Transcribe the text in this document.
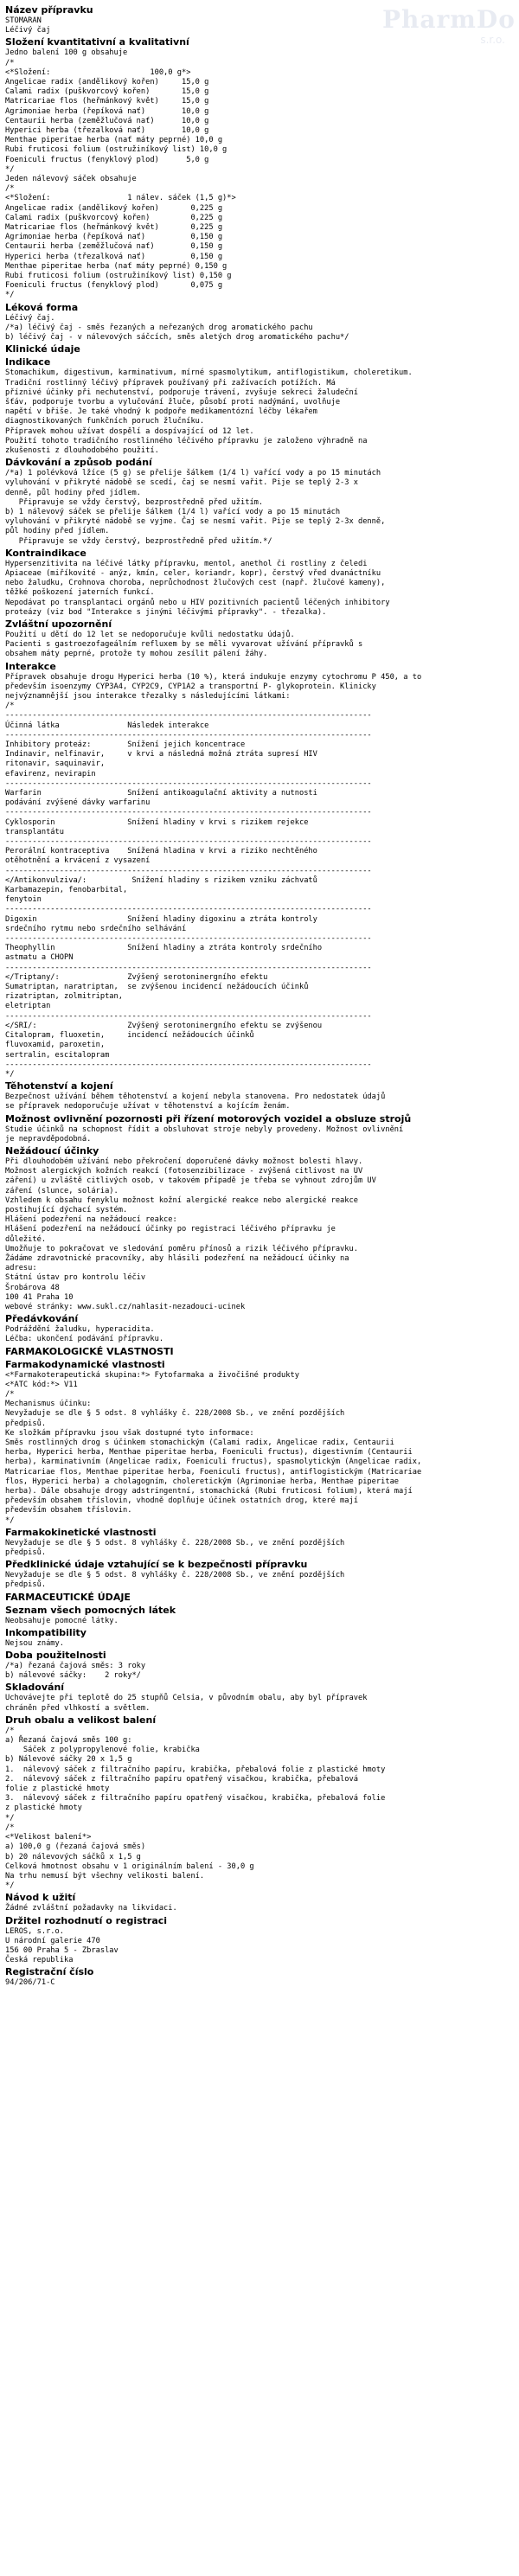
PharmDo
s.r.o.
Název přípravku
STOMARAN
Léčivý čaj
Složení kvantitativní a kvalitativní
Jedno balení 100 g obsahuje
/*
<*Složení:                      100,0 g*>
Angelicae radix (andělikový kořen)     15,0 g
Calami radix (puškvorcový kořen)       15,0 g
Matricariae flos (heřmánkový květ)     15,0 g
Agrimoniae herba (řepíková nať)        10,0 g
Centaurii herba (zeměžlučová nať)      10,0 g
Hyperici herba (třezalková nať)        10,0 g
Menthae piperitae herba (nať máty peprné) 10,0 g
Rubi fruticosi folium (ostružiníkový list) 10,0 g
Foeniculi fructus (fenyklový plod)      5,0 g
*/
Jeden nálevový sáček obsahuje
/*
<*Složení:                 1 nálev. sáček (1,5 g)*>
Angelicae radix (andělikový kořen)       0,225 g
Calami radix (puškvorcový kořen)         0,225 g
Matricariae flos (heřmánkový květ)       0,225 g
Agrimoniae herba (řepíková nať)          0,150 g
Centaurii herba (zeměžlučová nať)        0,150 g
Hyperici herba (třezalková nať)          0,150 g
Menthae piperitae herba (nať máty peprné) 0,150 g
Rubi fruticosi folium (ostružiníkový list) 0,150 g
Foeniculi fructus (fenyklový plod)       0,075 g
*/
Léková forma
Léčivý čaj.
/*a) léčivý čaj - směs řezaných a neřezaných drog aromatického pachu
b) léčivý čaj - v nálevových sáčcích, směs aletých drog aromatického pachu*/
Klinické údaje
Indikace
Stomachikum, digestivum, karminativum, mírné spasmolytikum, antiflogistikum, choleretikum.
Tradiční rostlinný léčivý přípravek používaný při zažívacích potížích. Má
příznivé účinky při nechutenství, podporuje trávení, zvyšuje sekreci žaludeční
šťáv, podporuje tvorbu a vylučování žluče, působí proti nadýmání, uvolňuje
napětí v břiše. Je také vhodný k podpoře medikamentózní léčby lékařem
diagnostikovaných funkčních poruch žlučníku.
Přípravek mohou užívat dospělí a dospívající od 12 let.
Použití tohoto tradičního rostlinného léčivého přípravku je založeno výhradně na
zkušenosti z dlouhodobého použití.
Dávkování a způsob podání
/*a) 1 polévková lžíce (5 g) se přelije šálkem (1/4 l) vařící vody a po 15 minutách
vyluhování v přikryté nádobě se scedí, čaj se nesmí vařit. Pije se teplý 2-3 x
denně, půl hodiny před jídlem.
Připravuje se vždy čerstvý, bezprostředně před užitím.
b) 1 nálevový sáček se přelije šálkem (1/4 l) vařící vody a po 15 minutách
vyluhování v přikryté nádobě se vyjme. Čaj se nesmí vařit. Pije se teplý 2-3x denně,
půl hodiny před jídlem.
Připravuje se vždy čerstvý, bezprostředně před užitím.*/
Kontraindikace
Hypersenzitivita na léčivé látky přípravku, mentol, anethol či rostliny z čeledi
Apiaceae (miříkovité - anýz, kmín, celer, koriandr, kopr), čerstvý vřed dvanáctníku
nebo žaludku, Crohnova choroba, neprůchodnost žlučových cest (např. žlučové kameny),
těžké poškození jaterních funkcí.
Nepodávat po transplantaci orgánů nebo u HIV pozitivních pacientů léčených inhibitory
proteázy (viz bod "Interakce s jinými léčivými přípravky". - třezalka).
Zvláštní upozornění
Použití u dětí do 12 let se nedoporučuje kvůli nedostatku údajů.
Pacienti s gastroezofageálním refluxem by se měli vyvarovat užívání přípravků s
obsahem máty peprné, protože ty mohou zesílit pálení žáhy.
Interakce
Přípravek obsahuje drogu Hyperici herba (10 %), která indukuje enzymy cytochromu P 450, a to
především isoenzymy CYP3A4, CYP2C9, CYP1A2 a transportní P- glykoprotein. Klinicky
nejvýznamnější jsou interakce třezalky s následujícími látkami:
/*
---------------------------------------------------------------------------------
Účinná látka               Následek interakce
---------------------------------------------------------------------------------
Inhibitory proteáz:        Snížení jejich koncentrace
Indinavir, nelfinavir,     v krvi a následná možná ztráta supresí HIV
ritonavir, saquinavir,
efavirenz, nevirapin
---------------------------------------------------------------------------------
Warfarin                   Snížení antikoagulační aktivity a nutnosti
podávání zvýšené dávky warfarinu
---------------------------------------------------------------------------------
Cyklosporin                Snížení hladiny v krvi s rizikem rejekce
transplantátu
---------------------------------------------------------------------------------
Perorální kontraceptiva    Snížená hladina v krvi a riziko nechtěného
otěhotnění a krvácení z vysazení
---------------------------------------------------------------------------------
</Antikonvulziva/:          Snížení hladiny s rizikem vzniku záchvatů
Karbamazepin, fenobarbital,
fenytoin
---------------------------------------------------------------------------------
Digoxin                    Snížení hladiny digoxinu a ztráta kontroly
srdečního rytmu nebo srdečního selhávání
---------------------------------------------------------------------------------
Theophyllin                Snížení hladiny a ztráta kontroly srdečního
astmatu a CHOPN
---------------------------------------------------------------------------------
</Triptany/:               Zvýšený serotoninergního efektu
Sumatriptan, naratriptan,  se zvýšenou incidencí nežádoucích účinků
rizatriptan, zolmitriptan,
eletriptan
---------------------------------------------------------------------------------
</SRI/:                    Zvýšený serotoninergního efektu se zvýšenou
Citalopram, fluoxetin,     incidencí nežádoucích účinků
fluvoxamid, paroxetin,
sertralin, escitalopram
---------------------------------------------------------------------------------
*/
Těhotenství a kojení
Bezpečnost užívání během těhotenství a kojení nebyla stanovena. Pro nedostatek údajů
se přípravek nedoporučuje užívat v těhotenství a kojícím ženám.
Možnost ovlivnění pozornosti při řízení motorových vozidel a obsluze strojů
Studie účinků na schopnost řídit a obsluhovat stroje nebyly provedeny. Možnost ovlivnění
je nepravděpodobná.
Nežádoucí účinky
Při dlouhodobém užívání nebo překročení doporučené dávky možnost bolesti hlavy.
Možnost alergických kožních reakcí (fotosenzibilizace - zvýšená citlivost na UV
záření) u zvláště citlivých osob, v takovém případě je třeba se vyhnout zdrojům UV
záření (slunce, solária).
Vzhledem k obsahu fenyklu možnost kožní alergické reakce nebo alergické reakce
postihující dýchací systém.
Hlášení podezření na nežádoucí reakce:
Hlášení podezření na nežádoucí účinky po registraci léčivého přípravku je
důležité.
Umožňuje to pokračovat ve sledování poměru přínosů a rizik léčivého přípravku.
Žádáme zdravotnické pracovníky, aby hlásili podezření na nežádoucí účinky na
adresu:
Státní ústav pro kontrolu léčiv
Šrobárova 48
100 41 Praha 10
webové stránky: www.sukl.cz/nahlasit-nezadouci-ucinek
Předávkování
Podráždění žaludku, hyperacidita.
Léčba: ukončení podávání přípravku.
FARMAKOLOGICKÉ VLASTNOSTI
Farmakodynamické vlastnosti
<*Farmakoterapeutická skupina:*> Fytofarmaka a živočišné produkty
<*ATC kód:*> V11
/*
Mechanismus účinku:
Nevyžaduje se dle § 5 odst. 8 vyhlášky č. 228/2008 Sb., ve znění pozdějších
předpisů.
Ke složkám přípravku jsou však dostupné tyto informace:
Směs rostlinných drog s účinkem stomachickým (Calami radix, Angelicae radix, Centaurii
herba, Hyperici herba, Menthae piperitae herba, Foeniculi fructus), digestivním (Centaurii
herba), karminativním (Angelicae radix, Foeniculi fructus), spasmolytickým (Angelicae radix,
Matricariae flos, Menthae piperitae herba, Foeniculi fructus), antiflogistickým (Matricariae
flos, Hyperici herba) a cholagogním, choleretickým (Agrimoniae herba, Menthae piperitae
herba). Dále obsahuje drogy adstringentní, stomachická (Rubi fruticosi folium), která mají
především obsahem tříslovin, vhodně doplňuje účinek ostatních drog, které mají
především obsahem tříslovin.
*/
Farmakokinetické vlastnosti
Nevyžaduje se dle § 5 odst. 8 vyhlášky č. 228/2008 Sb., ve znění pozdějších
předpisů.
Předklinické údaje vztahující se k bezpečnosti přípravku
Nevyžaduje se dle § 5 odst. 8 vyhlášky č. 228/2008 Sb., ve znění pozdějších
předpisů.
FARMACEUTICKÉ ÚDAJE
Seznam všech pomocných látek
Neobsahuje pomocné látky.
Inkompatibility
Nejsou známy.
Doba použitelnosti
/*a) řezaná čajová směs: 3 roky
b) nálevové sáčky:    2 roky*/
Skladování
Uchovávejte při teplotě do 25 stupňů Celsia, v původním obalu, aby byl přípravek
chráněn před vlhkostí a světlem.
Druh obalu a velikost balení
/*
a) Řezaná čajová směs 100 g:
Sáček z polypropylenové folie, krabička
b) Nálevové sáčky 20 x 1,5 g
1.  nálevový sáček z filtračního papíru, krabička, přebalová folie z plastické hmoty
2.  nálevový sáček z filtračního papíru opatřený visačkou, krabička, přebalová
folie z plastické hmoty
3.  nálevový sáček z filtračního papíru opatřený visačkou, krabička, přebalová folie
z plastické hmoty
*/
/*
<*Velikost balení*>
a) 100,0 g (řezaná čajová směs)
b) 20 nálevových sáčků x 1,5 g
Celková hmotnost obsahu v 1 originálním balení - 30,0 g
Na trhu nemusí být všechny velikosti balení.
*/
Návod k užití
Žádné zvláštní požadavky na likvidaci.
Držitel rozhodnutí o registraci
LEROS, s.r.o.
U národní galerie 470
156 00 Praha 5 - Zbraslav
Česká republika
Registrační číslo
94/206/71-C
